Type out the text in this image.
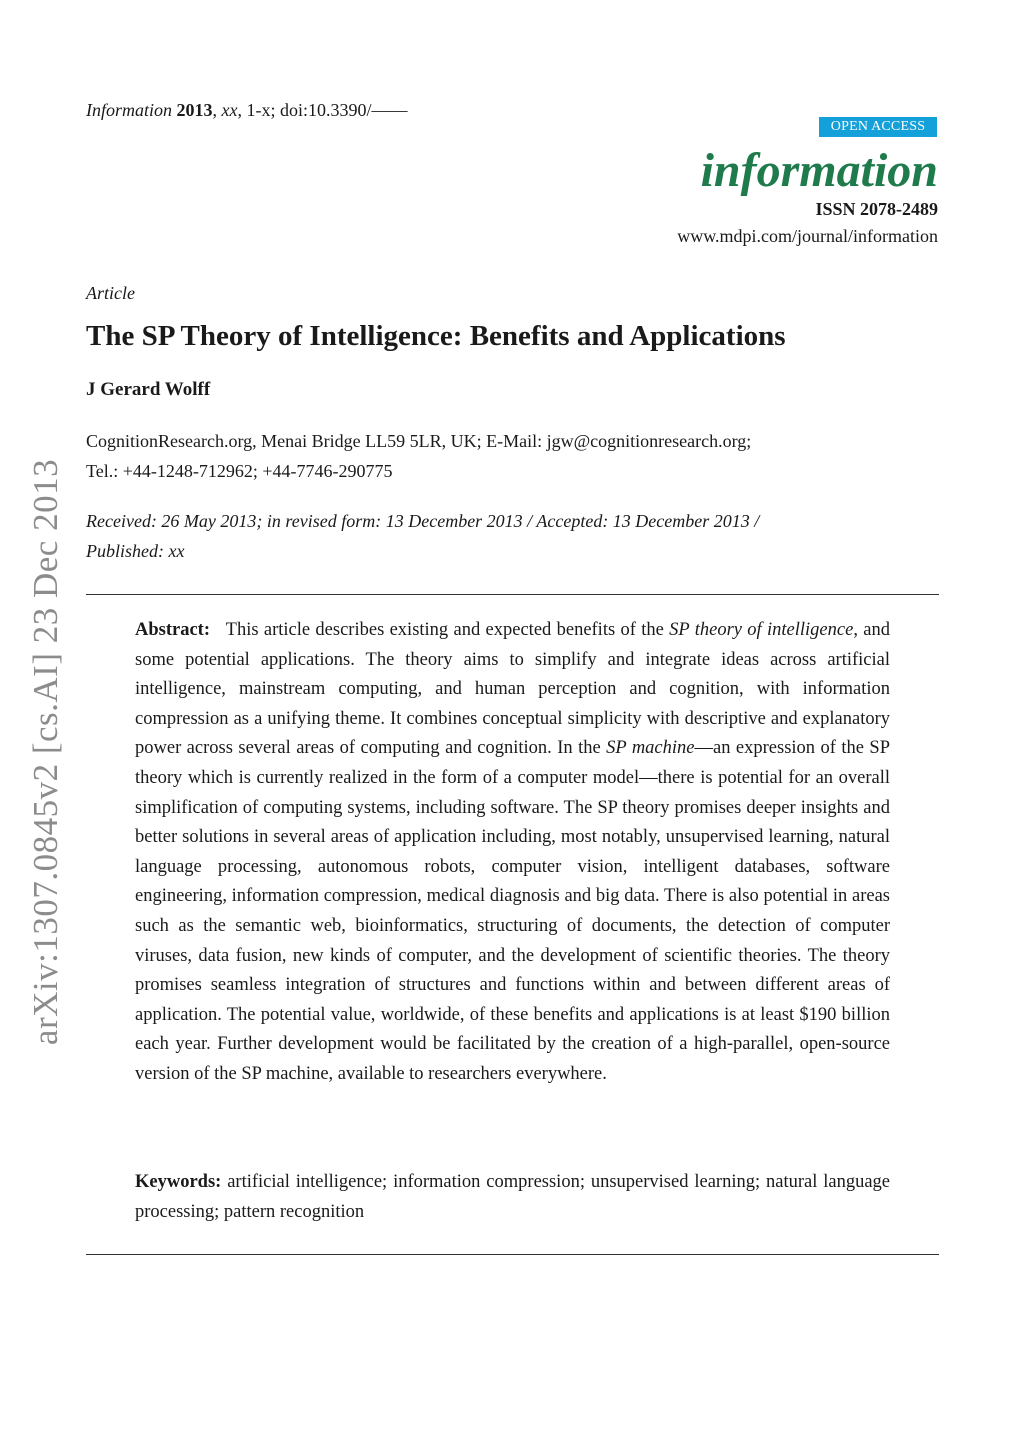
Information 2013, xx, 1-x; doi:10.3390/——
OPEN ACCESS
information
ISSN 2078-2489
www.mdpi.com/journal/information
arXiv:1307.0845v2 [cs.AI] 23 Dec 2013
Article
The SP Theory of Intelligence: Benefits and Applications
J Gerard Wolff
CognitionResearch.org, Menai Bridge LL59 5LR, UK; E-Mail: jgw@cognitionresearch.org;
Tel.: +44-1248-712962; +44-7746-290775
Received: 26 May 2013; in revised form: 13 December 2013 / Accepted: 13 December 2013 /
Published: xx
Abstract: This article describes existing and expected benefits of the SP theory of intelligence, and some potential applications. The theory aims to simplify and integrate ideas across artificial intelligence, mainstream computing, and human perception and cognition, with information compression as a unifying theme. It combines conceptual simplicity with descriptive and explanatory power across several areas of computing and cognition. In the SP machine—an expression of the SP theory which is currently realized in the form of a computer model—there is potential for an overall simplification of computing systems, including software. The SP theory promises deeper insights and better solutions in several areas of application including, most notably, unsupervised learning, natural language processing, autonomous robots, computer vision, intelligent databases, software engineering, information compression, medical diagnosis and big data. There is also potential in areas such as the semantic web, bioinformatics, structuring of documents, the detection of computer viruses, data fusion, new kinds of computer, and the development of scientific theories. The theory promises seamless integration of structures and functions within and between different areas of application. The potential value, worldwide, of these benefits and applications is at least $190 billion each year. Further development would be facilitated by the creation of a high-parallel, open-source version of the SP machine, available to researchers everywhere.
Keywords: artificial intelligence; information compression; unsupervised learning; natural language processing; pattern recognition
